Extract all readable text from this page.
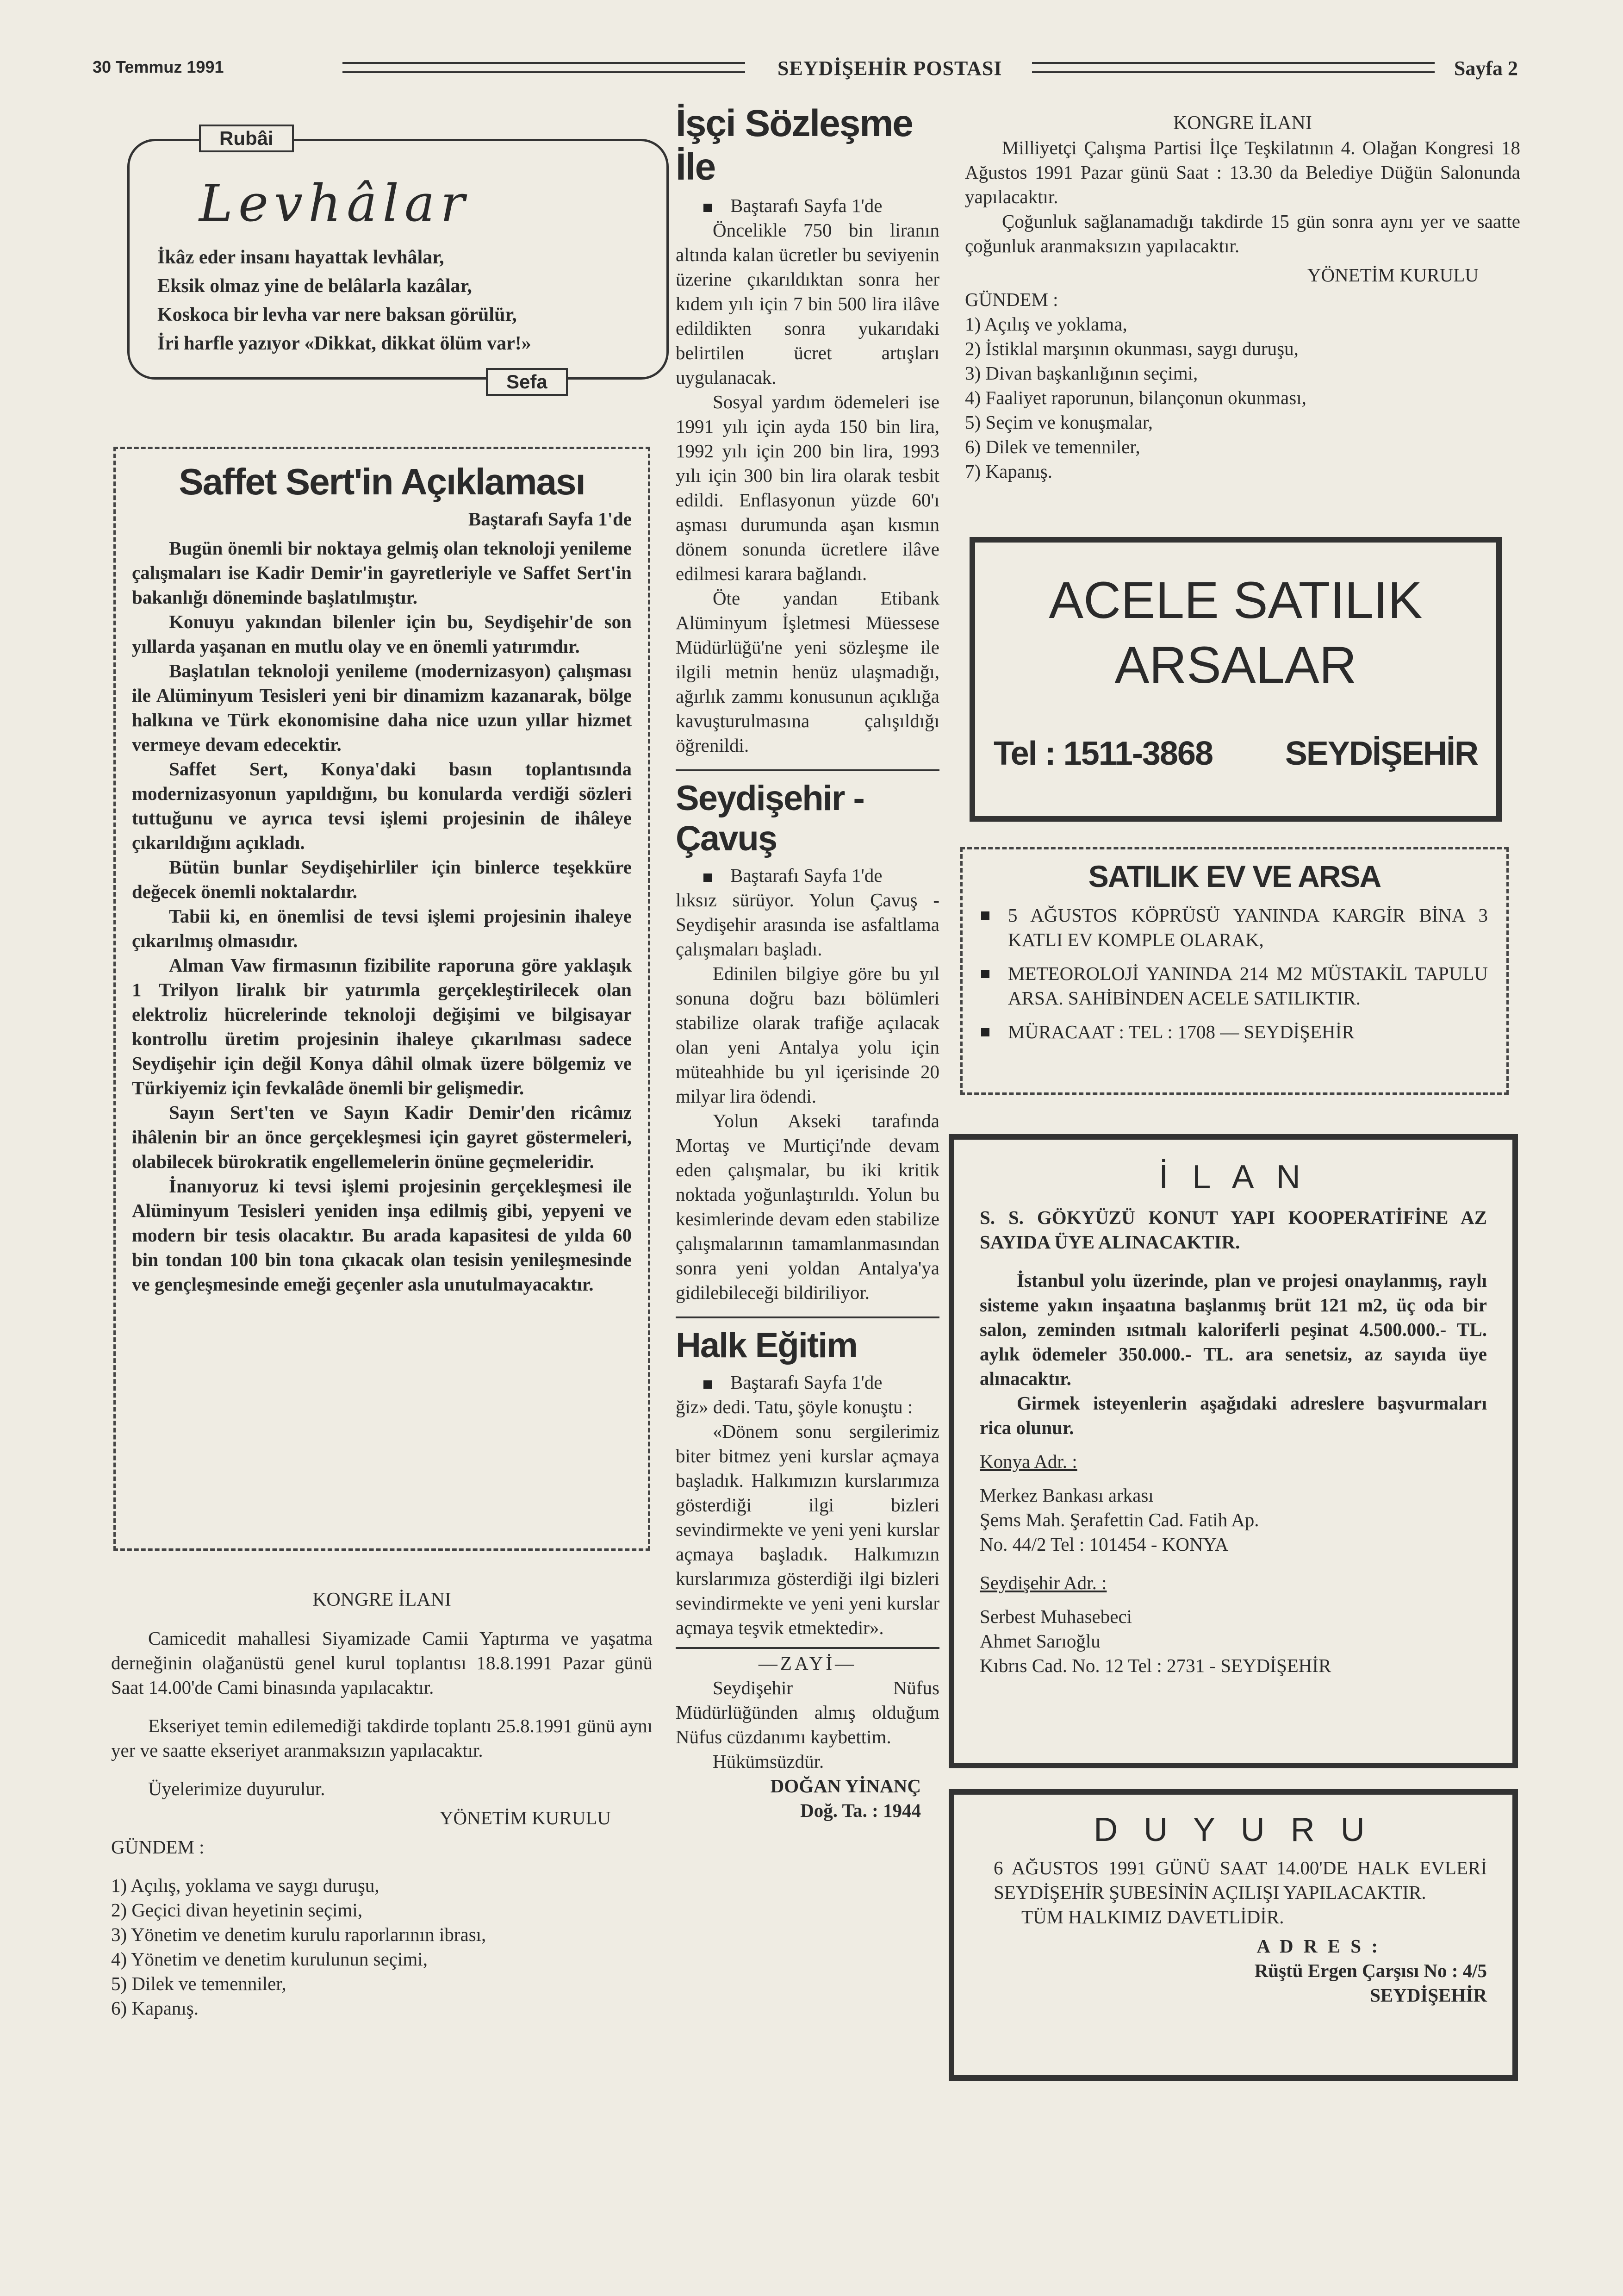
30 Temmuz 1991	SEYDİŞEHİR POSTASI	Sayfa 2
Rubâi
Levhâlar

İkâz eder insanı hayattak levhâlar,

Eksik olmaz yine de belâlarla kazâlar,

Koskoca bir levha var nere baksan görülür,

İri harfle yazıyor «Dikkat, dikkat ölüm var!»

Sefa
Saffet Sert'in Açıklaması
Baştarafı Sayfa 1'de

Bugün önemli bir noktaya gelmiş olan teknoloji yenileme çalışmaları ise Kadir Demir'in gayretleriyle ve Saffet Sert'in bakanlığı döneminde başlatılmıştır.

Konuyu yakından bilenler için bu, Seydişehir'de son yıllarda yaşanan en mutlu olay ve en önemli yatırımdır.

Başlatılan teknoloji yenileme (modernizasyon) çalışması ile Alüminyum Tesisleri yeni bir dinamizm kazanarak, bölge halkına ve Türk ekonomisine daha nice uzun yıllar hizmet vermeye devam edecektir.

Saffet Sert, Konya'daki basın toplantısında modernizasyonun yapıldığını, bu konularda verdiği sözleri tuttuğunu ve ayrıca tevsi işlemi projesinin de ihâleye çıkarıldığını açıkladı.

Bütün bunlar Seydişehirliler için binlerce teşekküre değecek önemli noktalardır.

Tabii ki, en önemlisi de tevsi işlemi projesinin ihaleye çıkarılmış olmasıdır.

Alman Vaw firmasının fizibilite raporuna göre yaklaşık 1 Trilyon liralık bir yatırımla gerçekleştirilecek olan elektroliz hücrelerinde teknoloji değişimi ve bilgisayar kontrollu üretim projesinin ihaleye çıkarılması sadece Seydişehir için değil Konya dâhil olmak üzere bölgemiz ve Türkiyemiz için fevkalâde önemli bir gelişmedir.

Sayın Sert'ten ve Sayın Kadir Demir'den ricâmız ihâlenin bir an önce gerçekleşmesi için gayret göstermeleri, olabilecek bürokratik engellemelerin önüne geçmeleridir.

İnanıyoruz ki tevsi işlemi projesinin gerçekleşmesi ile Alüminyum Tesisleri yeniden inşa edilmiş gibi, yepyeni ve modern bir tesis olacaktır. Bu arada kapasitesi de yılda 60 bin tondan 100 bin tona çıkacak olan tesisin yenileşmesinde ve gençleşmesinde emeği geçenler asla unutulmayacaktır.

KONGRE İLANI

Camicedit mahallesi Siyamizade Camii Yaptırma ve yaşatma derneğinin olağanüstü genel kurul toplantısı 18.8.1991 Pazar günü Saat 14.00'de Cami binasında yapılacaktır.

Ekseriyet temin edilemediği takdirde toplantı 25.8.1991 günü aynı yer ve saatte ekseriyet aranmaksızın yapılacaktır.

Üyelerimize duyurulur.

YÖNETİM KURULU
GÜNDEM :
1) Açılış, yoklama ve saygı duruşu,
2) Geçici divan heyetinin seçimi,
3) Yönetim ve denetim kurulu raporlarının ibrası,
4) Yönetim ve denetim kurulunun seçimi,
5) Dilek ve temenniler,
6) Kapanış.
İşçi Sözleşme İle
Baştarafı Sayfa 1'de

Öncelikle 750 bin liranın altında kalan ücretler bu seviyenin üzerine çıkarıldıktan sonra her kıdem yılı için 7 bin 500 lira ilâve edildikten sonra yukarıdaki belirtilen ücret artışları uygulanacak.

Sosyal yardım ödemeleri ise 1991 yılı için ayda 150 bin lira, 1992 yılı için 200 bin lira, 1993 yılı için 300 bin lira olarak tesbit edildi. Enflasyonun yüzde 60'ı aşması durumunda aşan kısmın dönem sonunda ücretlere ilâve edilmesi karara bağlandı.

Öte yandan Etibank Alüminyum İşletmesi Müessese Müdürlüğü'ne yeni sözleşme ile ilgili metnin henüz ulaşmadığı, ağırlık zammı konusunun açıklığa kavuşturulmasına çalışıldığı öğrenildi.

Seydişehir - Çavuş
Baştarafı Sayfa 1'de

lıksız sürüyor. Yolun Çavuş - Seydişehir arasında ise asfaltlama çalışmaları başladı.

Edinilen bilgiye göre bu yıl sonuna doğru bazı bölümleri stabilize olarak trafiğe açılacak olan yeni Antalya yolu için müteahhide bu yıl içerisinde 20 milyar lira ödendi.

Yolun Akseki tarafında Mortaş ve Murtiçi'nde devam eden çalışmalar, bu iki kritik noktada yoğunlaştırıldı. Yolun bu kesimlerinde devam eden stabilize çalışmalarının tamamlanmasından sonra yeni yoldan Antalya'ya gidilebileceği bildiriliyor.

Halk Eğitim
Baştarafı Sayfa 1'de

ğiz» dedi. Tatu, şöyle konuştu :

«Dönem sonu sergilerimiz biter bitmez yeni kurslar açmaya başladık. Halkımızın kurslarımıza gösterdiği ilgi bizleri sevindirmekte ve yeni yeni kurslar açmaya başladık. Halkımızın kurslarımıza gösterdiği ilgi bizleri sevindirmekte ve yeni yeni kurslar açmaya teşvik etmektedir».

—ZAYİ—

Seydişehir Nüfus Müdürlüğünden almış olduğum Nüfus cüzdanımı kaybettim.

Hükümsüzdür.

DOĞAN YİNANÇ
Doğ. Ta. : 1944
KONGRE İLANI

Milliyetçi Çalışma Partisi İlçe Teşkilatının 4. Olağan Kongresi 18 Ağustos 1991 Pazar günü Saat : 13.30 da Belediye Düğün Salonunda yapılacaktır.

Çoğunluk sağlanamadığı takdirde 15 gün sonra aynı yer ve saatte çoğunluk aranmaksızın yapılacaktır.

YÖNETİM KURULU
GÜNDEM :
1) Açılış ve yoklama,
2) İstiklal marşının okunması, saygı duruşu,
3) Divan başkanlığının seçimi,
4) Faaliyet raporunun, bilançonun okunması,
5) Seçim ve konuşmalar,
6) Dilek ve temenniler,
7) Kapanış.
ACELE SATILIK
ARSALAR
Tel : 1511-3868 SEYDİŞEHİR
SATILIK EV VE ARSA
5 AĞUSTOS KÖPRÜSÜ YANINDA KARGİR BİNA 3 KATLI EV KOMPLE OLARAK,
METEOROLOJİ YANINDA 214 M2 MÜSTAKİL TAPULU ARSA. SAHİBİNDEN ACELE SATILIKTIR.
MÜRACAAT : TEL : 1708 — SEYDİŞEHİR
İ L A N

S. S. GÖKYÜZÜ KONUT YAPI KOOPERATİFİNE AZ SAYIDA ÜYE ALINACAKTIR.

İstanbul yolu üzerinde, plan ve projesi onaylanmış, raylı sisteme yakın inşaatına başlanmış brüt 121 m2, üç oda bir salon, zeminden ısıtmalı kaloriferli peşinat 4.500.000.- TL. aylık ödemeler 350.000.- TL. ara senetsiz, az sayıda üye alınacaktır.

Girmek isteyenlerin aşağıdaki adreslere başvurmaları rica olunur.

Konya Adr. :
Merkez Bankası arkası
Şems Mah. Şerafettin Cad. Fatih Ap.
No. 44/2 Tel : 101454 - KONYA
Seydişehir Adr. :
Serbest Muhasebeci
Ahmet Sarıoğlu
Kıbrıs Cad. No. 12 Tel : 2731 - SEYDİŞEHİR
D U Y U R U

6 AĞUSTOS 1991 GÜNÜ SAAT 14.00'DE HALK EVLERİ SEYDİŞEHİR ŞUBESİNİN AÇILIŞI YAPILACAKTIR.

TÜM HALKIMIZ DAVETLİDİR.

A D R E S :
Rüştü Ergen Çarşısı No : 4/5
SEYDİŞEHİR
